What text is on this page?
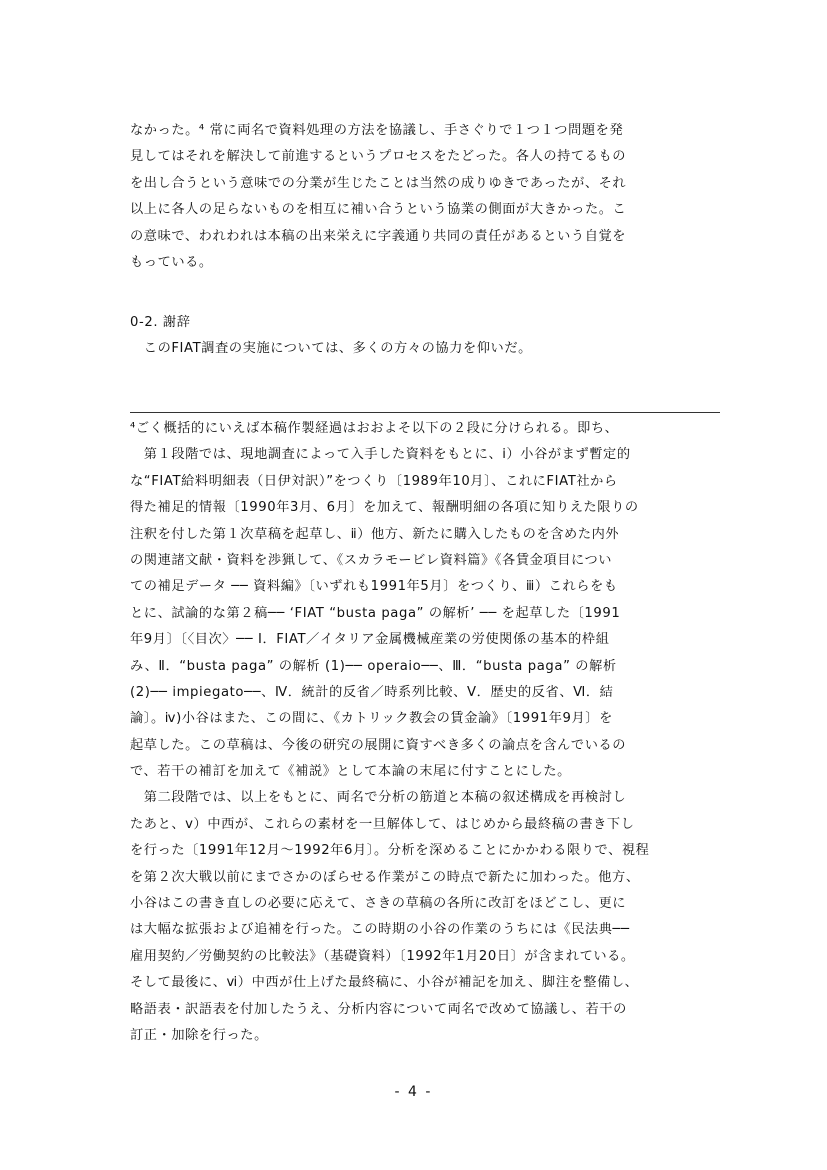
なかった。⁴ 常に両名で資料処理の方法を協議し、手さぐりで１つ１つ問題を発
見してはそれを解決して前進するというプロセスをたどった。各人の持てるもの
を出し合うという意味での分業が生じたことは当然の成りゆきであったが、それ
以上に各人の足らないものを相互に補い合うという協業の側面が大きかった。こ
の意味で、われわれは本稿の出来栄えに字義通り共同の責任があるという自覚を
もっている。
0-2. 謝辞
　このFIAT調査の実施については、多くの方々の協力を仰いだ。
⁴ごく概括的にいえば本稿作製経過はおおよそ以下の２段に分けられる。即ち、
　第１段階では、現地調査によって入手した資料をもとに、ⅰ）小谷がまず暫定的
な“FIAT給料明細表（日伊対訳）”をつくり〔1989年10月〕、これにFIAT社から
得た補足的情報〔1990年3月、6月〕を加えて、報酬明細の各項に知りえた限りの
注釈を付した第１次草稿を起草し、ⅱ）他方、新たに購入したものを含めた内外
の関連諸文献・資料を渉猟して、《スカラモービレ資料篇》《各賃金項目につい
ての補足データ ── 資料編》〔いずれも1991年5月〕をつくり、ⅲ）これらをも
とに、試論的な第２稿── ‘FIAT “busta paga” の解析’ ── を起草した〔1991
年9月〕〔〈目次〉── Ⅰ．FIAT／イタリア金属機械産業の労使関係の基本的枠組
み、Ⅱ．“busta paga” の解析 (1)── operaio──、Ⅲ．“busta paga” の解析
(2)── impiegato──、Ⅳ．統計的反省／時系列比較、Ⅴ．歴史的反省、Ⅵ．結
論〕。ⅳ)小谷はまた、この間に、《カトリック教会の賃金論》〔1991年9月〕を
起草した。この草稿は、今後の研究の展開に資すべき多くの論点を含んでいるの
で、若干の補訂を加えて《補説》として本論の末尾に付すことにした。
　第二段階では、以上をもとに、両名で分析の筋道と本稿の叙述構成を再検討し
たあと、ⅴ）中西が、これらの素材を一旦解体して、はじめから最終稿の書き下し
を行った〔1991年12月～1992年6月〕。分析を深めることにかかわる限りで、視程
を第２次大戦以前にまでさかのぼらせる作業がこの時点で新たに加わった。他方、
小谷はこの書き直しの必要に応えて、さきの草稿の各所に改訂をほどこし、更に
は大幅な拡張および追補を行った。この時期の小谷の作業のうちには《民法典──
雇用契約／労働契約の比較法》（基礎資料）〔1992年1月20日〕が含まれている。
そして最後に、ⅵ）中西が仕上げた最終稿に、小谷が補記を加え、脚注を整備し、
略語表・訳語表を付加したうえ、分析内容について両名で改めて協議し、若干の
訂正・加除を行った。
- 4 -
